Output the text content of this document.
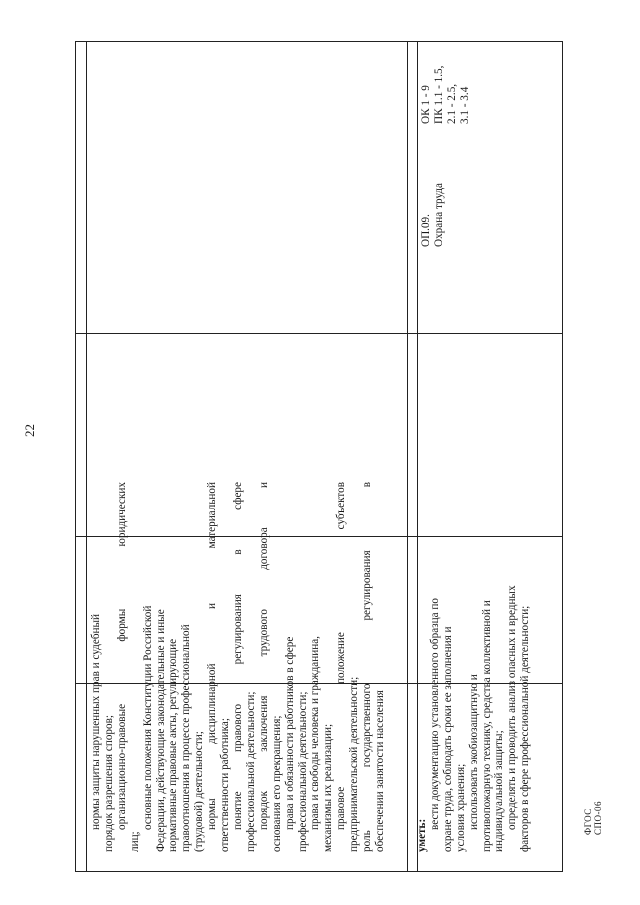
22
ФГОС СПО-06

нормы защиты нарушенных прав и судебный порядок разрешения споров; организационно-правовые формы юридических

лиц;

основные положения Конституции Российской Федерации, действующие законодательные и иные нормативные правовые акты, регулирующие правоотношения в процессе профессиональной (трудовой) деятельности; нормы дисциплинарной и материальной ответственности работника; понятие правового регулирования в сфере профессиональной деятельности; порядок заключения трудового договора и основания его прекращения; права и обязанности работников в сфере профессиональной деятельности; права и свободы человека и гражданина, механизмы их реализации; правовое положение субъектов предпринимательской деятельности; роль государственного регулирования в обеспечении занятости населения	уметь:

вести документацию установленного образца по охране труда, соблюдать сроки ее заполнения и условия хранения; использовать экобиозащитную и противопожарную технику, средства коллективной и индивидуальной защиты; определять и проводить анализ опасных и вредных факторов в сфере профессиональной деятельности;

ОП.09. Охрана труда

ОК 1 - 9 ПК 1.1 - 1.5, 2.1 - 2.5, 3.1 - 3.4
